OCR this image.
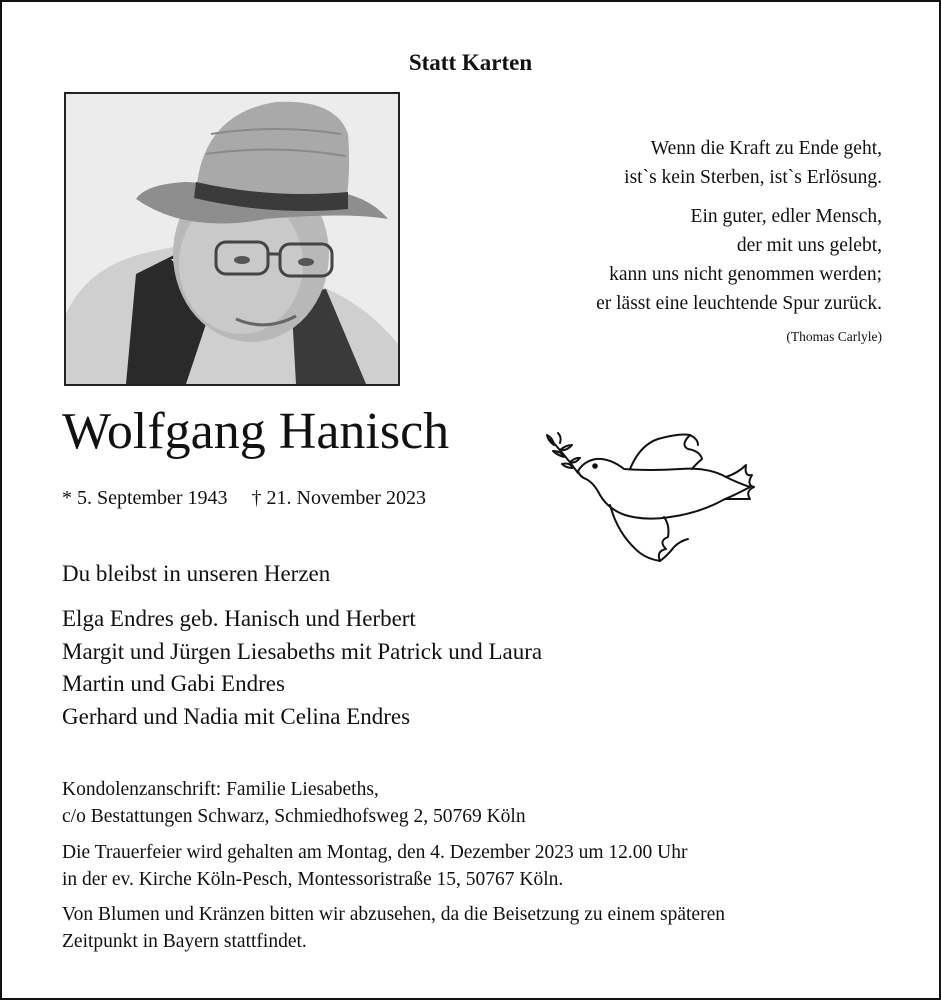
Statt Karten
Wenn die Kraft zu Ende geht,
ist`s kein Sterben, ist`s Erlösung.
Ein guter, edler Mensch,
der mit uns gelebt,
kann uns nicht genommen werden;
er lässt eine leuchtende Spur zurück.
(Thomas Carlyle)
Wolfgang Hanisch
* 5. September 1943 † 21. November 2023
Du bleibst in unseren Herzen
Elga Endres geb. Hanisch und Herbert
Margit und Jürgen Liesabeths mit Patrick und Laura
Martin und Gabi Endres
Gerhard und Nadia mit Celina Endres
Kondolenzanschrift: Familie Liesabeths,
c/o Bestattungen Schwarz, Schmiedhofsweg 2, 50769 Köln
Die Trauerfeier wird gehalten am Montag, den 4. Dezember 2023 um 12.00 Uhr
in der ev. Kirche Köln-Pesch, Montessoristraße 15, 50767 Köln.
Von Blumen und Kränzen bitten wir abzusehen, da die Beisetzung zu einem späteren
Zeitpunkt in Bayern stattfindet.
